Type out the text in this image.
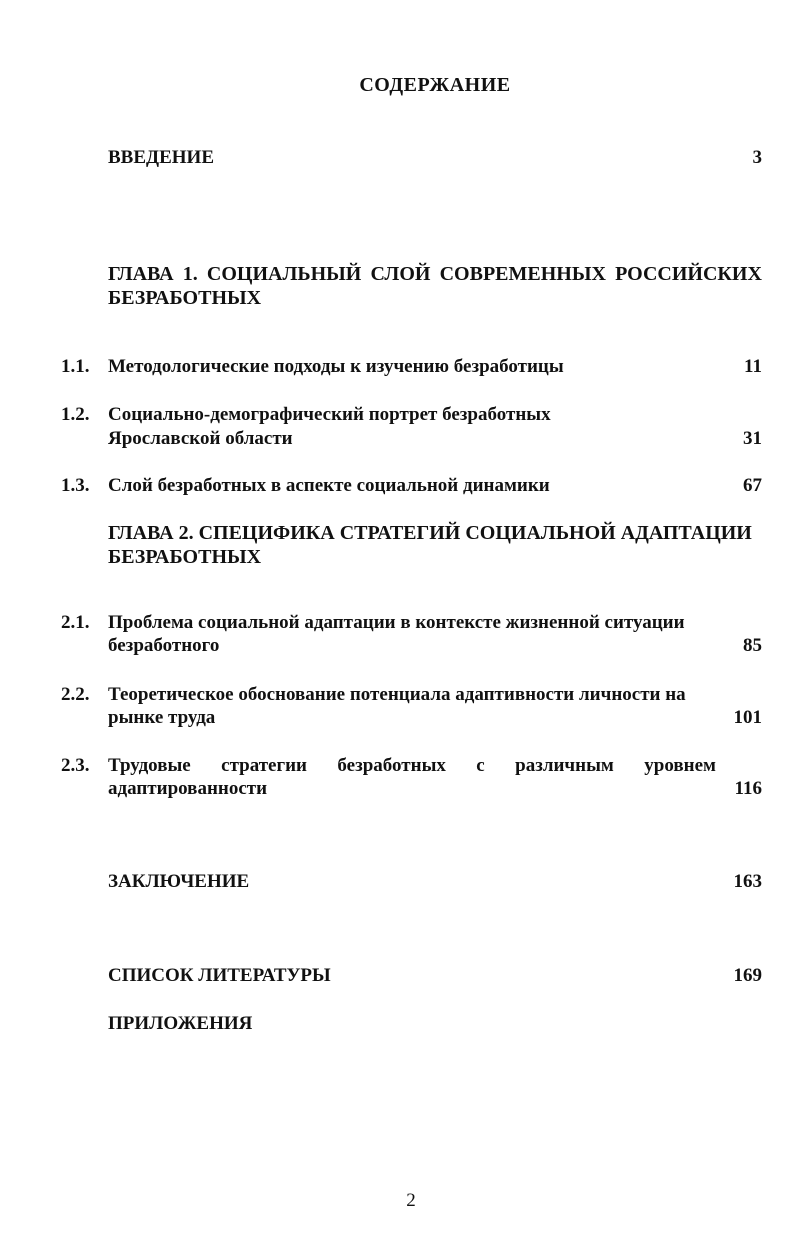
СОДЕРЖАНИЕ
ВВЕДЕНИЕ	3
ГЛАВА 1. СОЦИАЛЬНЫЙ СЛОЙ СОВРЕМЕННЫХ РОССИЙСКИХ
БЕЗРАБОТНЫХ
1.1. Методологические подходы к изучению безработицы	11
1.2. Социально-демографический портрет безработных
Ярославской области	31
1.3. Слой безработных в аспекте социальной динамики	67
ГЛАВА 2. СПЕЦИФИКА СТРАТЕГИЙ СОЦИАЛЬНОЙ АДАПТАЦИИ
БЕЗРАБОТНЫХ
2.1. Проблема социальной адаптации в контексте жизненной ситуации
безработного	85
2.2. Теоретическое обоснование потенциала адаптивности личности на
рынке труда	101
2.3. Трудовые стратегии безработных с различным уровнем
адаптированности	116
ЗАКЛЮЧЕНИЕ	163
СПИСОК ЛИТЕРАТУРЫ	169
ПРИЛОЖЕНИЯ
2
